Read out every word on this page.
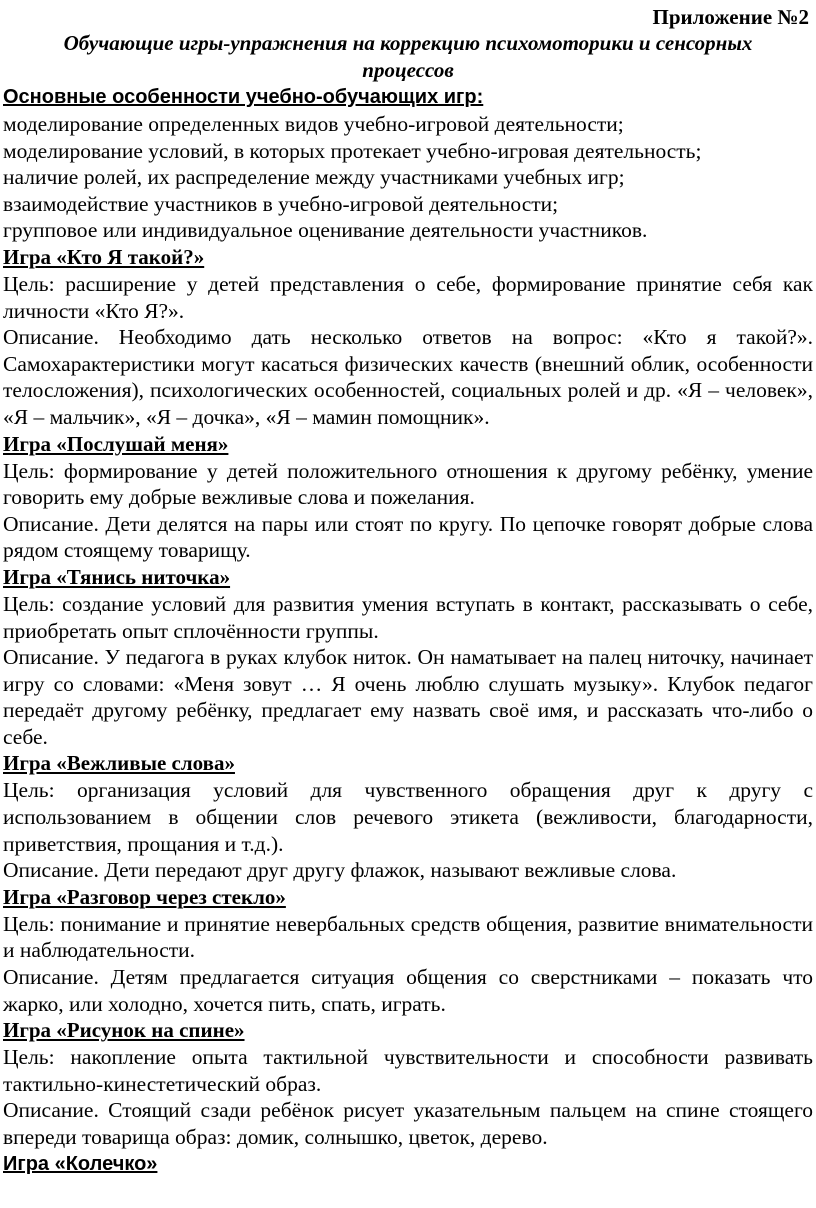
Приложение №2
Обучающие игры-упражнения на коррекцию психомоторики и сенсорных процессов
Основные особенности учебно-обучающих игр:
моделирование определенных видов учебно-игровой деятельности;
моделирование условий, в которых протекает учебно-игровая деятельность;
наличие ролей, их распределение между участниками учебных игр;
взаимодействие участников в учебно-игровой деятельности;
групповое или индивидуальное оценивание деятельности участников.
Игра «Кто Я такой?»
Цель: расширение у детей представления о себе, формирование принятие себя как личности «Кто Я?».
Описание. Необходимо дать несколько ответов на вопрос: «Кто я такой?». Самохарактеристики могут касаться физических качеств (внешний облик, особенности телосложения), психологических особенностей, социальных ролей и др. «Я – человек», «Я – мальчик», «Я – дочка», «Я – мамин помощник».
Игра «Послушай меня»
Цель: формирование у детей положительного отношения к другому ребёнку, умение говорить ему добрые вежливые слова и пожелания.
Описание. Дети делятся на пары или стоят по кругу. По цепочке говорят добрые слова рядом стоящему товарищу.
Игра «Тянись ниточка»
Цель: создание условий для развития умения вступать в контакт, рассказывать о себе, приобретать опыт сплочённости группы.
Описание. У педагога в руках клубок ниток. Он наматывает на палец ниточку, начинает игру со словами: «Меня зовут … Я очень люблю слушать музыку». Клубок педагог передаёт другому ребёнку, предлагает ему назвать своё имя, и рассказать что-либо о себе.
Игра «Вежливые слова»
Цель: организация условий для чувственного обращения друг к другу с использованием в общении слов речевого этикета (вежливости, благодарности, приветствия, прощания и т.д.).
Описание. Дети передают друг другу флажок, называют вежливые слова.
Игра «Разговор через стекло»
Цель: понимание и принятие невербальных средств общения, развитие внимательности и наблюдательности.
Описание. Детям предлагается ситуация общения со сверстниками – показать что жарко, или холодно, хочется пить, спать, играть.
Игра «Рисунок на спине»
Цель: накопление опыта тактильной чувствительности и способности развивать тактильно-кинестетический образ.
Описание. Стоящий сзади ребёнок рисует указательным пальцем на спине стоящего впереди товарища образ: домик, солнышко, цветок, дерево.
Игра «Колечко»
